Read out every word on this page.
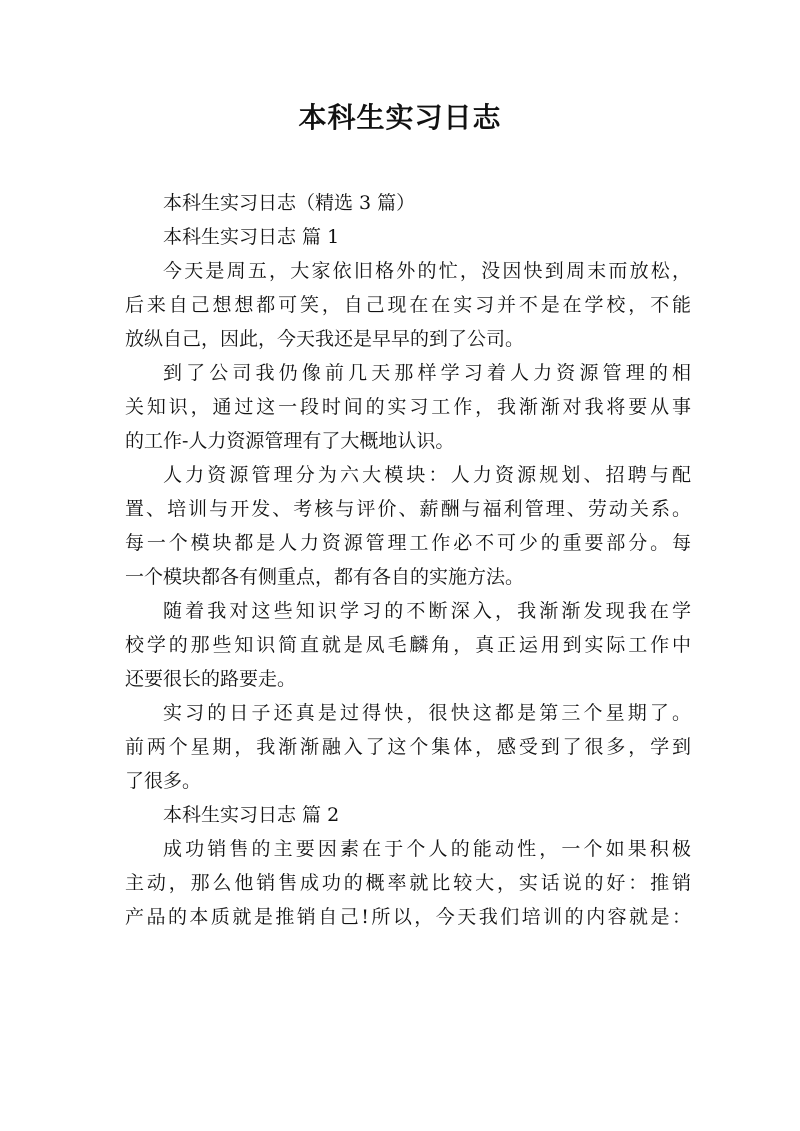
本科生实习日志
本科生实习日志（精选 3 篇）
本科生实习日志 篇 1
今天是周五，大家依旧格外的忙，没因快到周末而放松，
后来自己想想都可笑，自己现在在实习并不是在学校，不能
放纵自己，因此，今天我还是早早的到了公司。
到了公司我仍像前几天那样学习着人力资源管理的相
关知识，通过这一段时间的实习工作，我渐渐对我将要从事
的工作-人力资源管理有了大概地认识。
人力资源管理分为六大模块：人力资源规划、招聘与配
置、培训与开发、考核与评价、薪酬与福利管理、劳动关系。
每一个模块都是人力资源管理工作必不可少的重要部分。每
一个模块都各有侧重点，都有各自的实施方法。
随着我对这些知识学习的不断深入，我渐渐发现我在学
校学的那些知识简直就是凤毛麟角，真正运用到实际工作中
还要很长的路要走。
实习的日子还真是过得快，很快这都是第三个星期了。
前两个星期，我渐渐融入了这个集体，感受到了很多，学到
了很多。
本科生实习日志 篇 2
成功销售的主要因素在于个人的能动性，一个如果积极
主动，那么他销售成功的概率就比较大，实话说的好：推销
产品的本质就是推销自己!所以，今天我们培训的内容就是：
